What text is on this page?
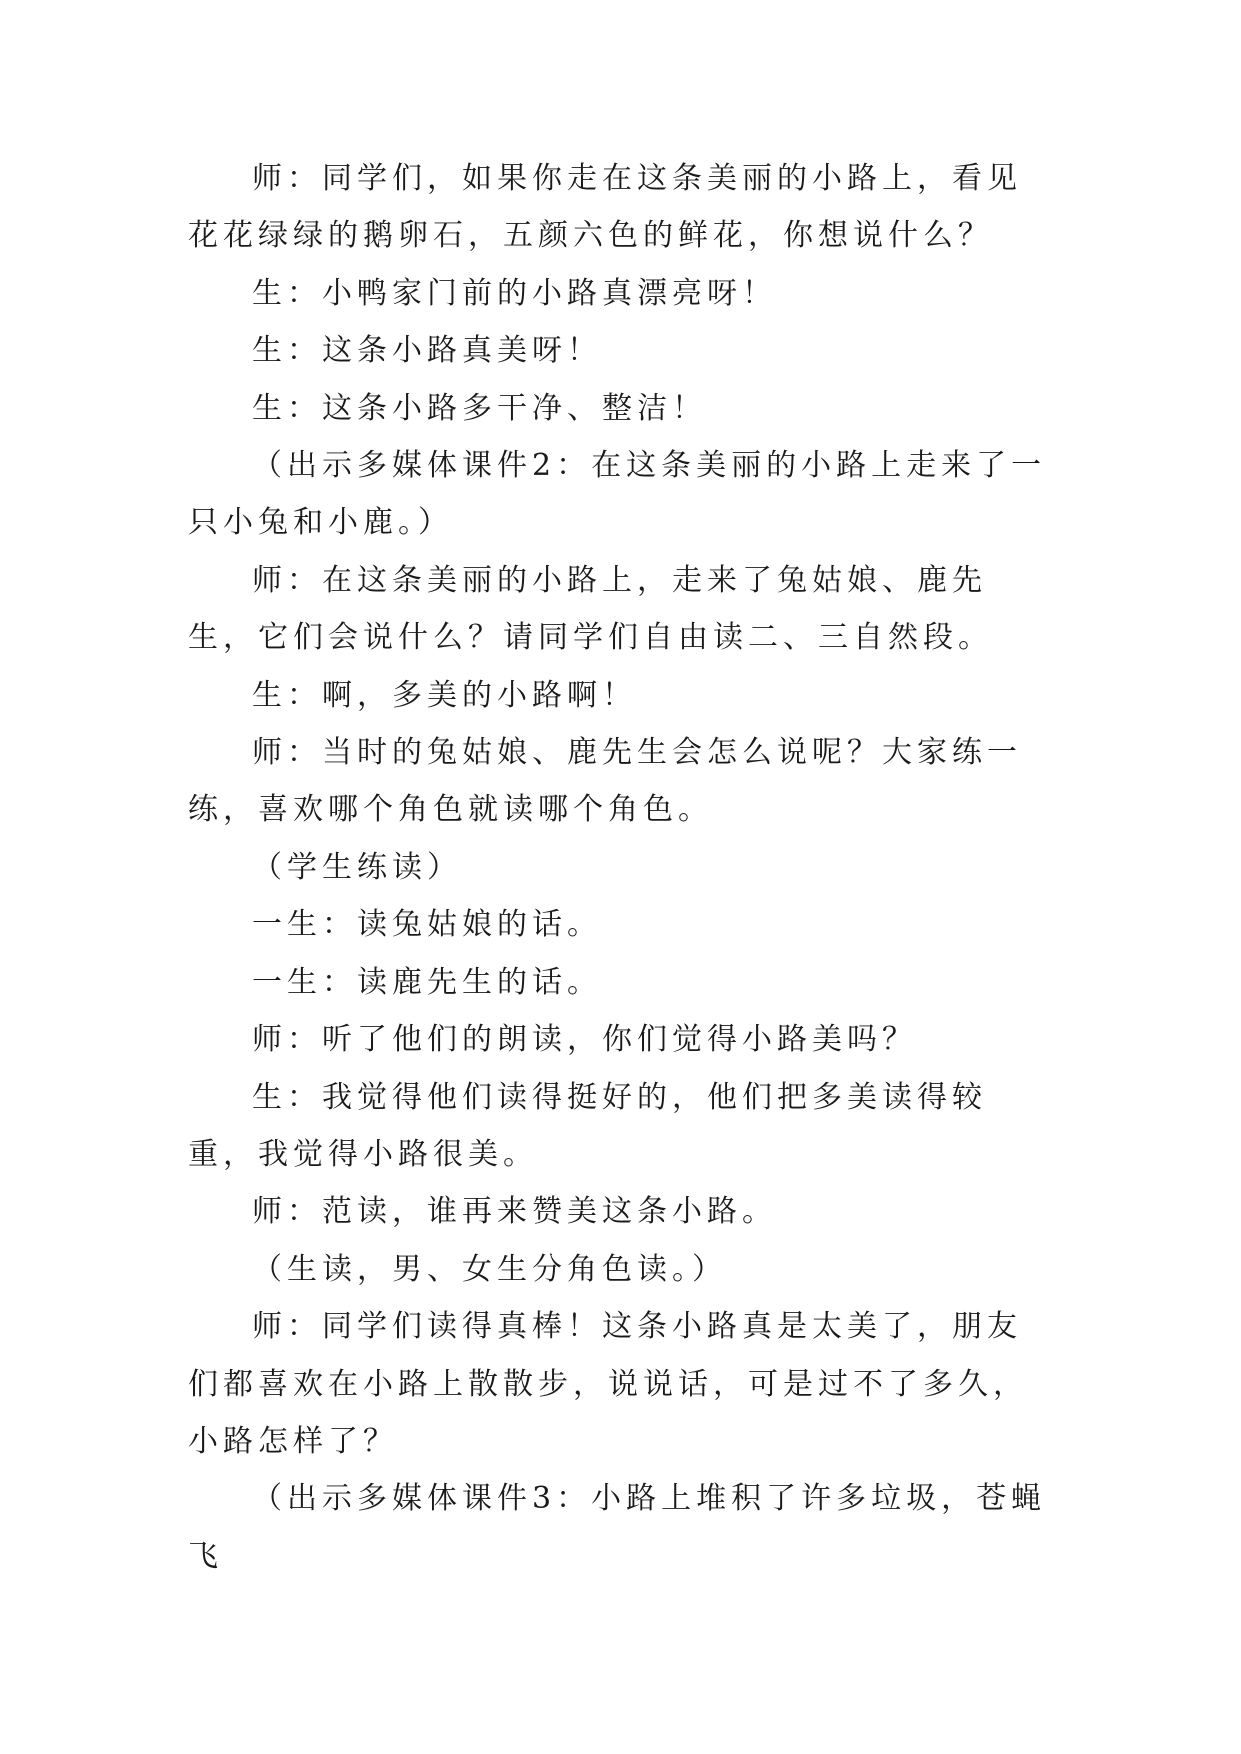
师：同学们，如果你走在这条美丽的小路上，看见花花绿绿的鹅卵石，五颜六色的鲜花，你想说什么？

生：小鸭家门前的小路真漂亮呀！

生：这条小路真美呀！

生：这条小路多干净、整洁！

（出示多媒体课件2：在这条美丽的小路上走来了一只小兔和小鹿。）

师：在这条美丽的小路上，走来了兔姑娘、鹿先生，它们会说什么？请同学们自由读二、三自然段。

生：啊，多美的小路啊！

师：当时的兔姑娘、鹿先生会怎么说呢？大家练一练，喜欢哪个角色就读哪个角色。

（学生练读）

一生：读兔姑娘的话。

一生：读鹿先生的话。

师：听了他们的朗读，你们觉得小路美吗？

生：我觉得他们读得挺好的，他们把多美读得较重，我觉得小路很美。

师：范读，谁再来赞美这条小路。

（生读，男、女生分角色读。）

师：同学们读得真棒！这条小路真是太美了，朋友们都喜欢在小路上散散步，说说话，可是过不了多久，小路怎样了？

（出示多媒体课件3：小路上堆积了许多垃圾，苍蝇飞
